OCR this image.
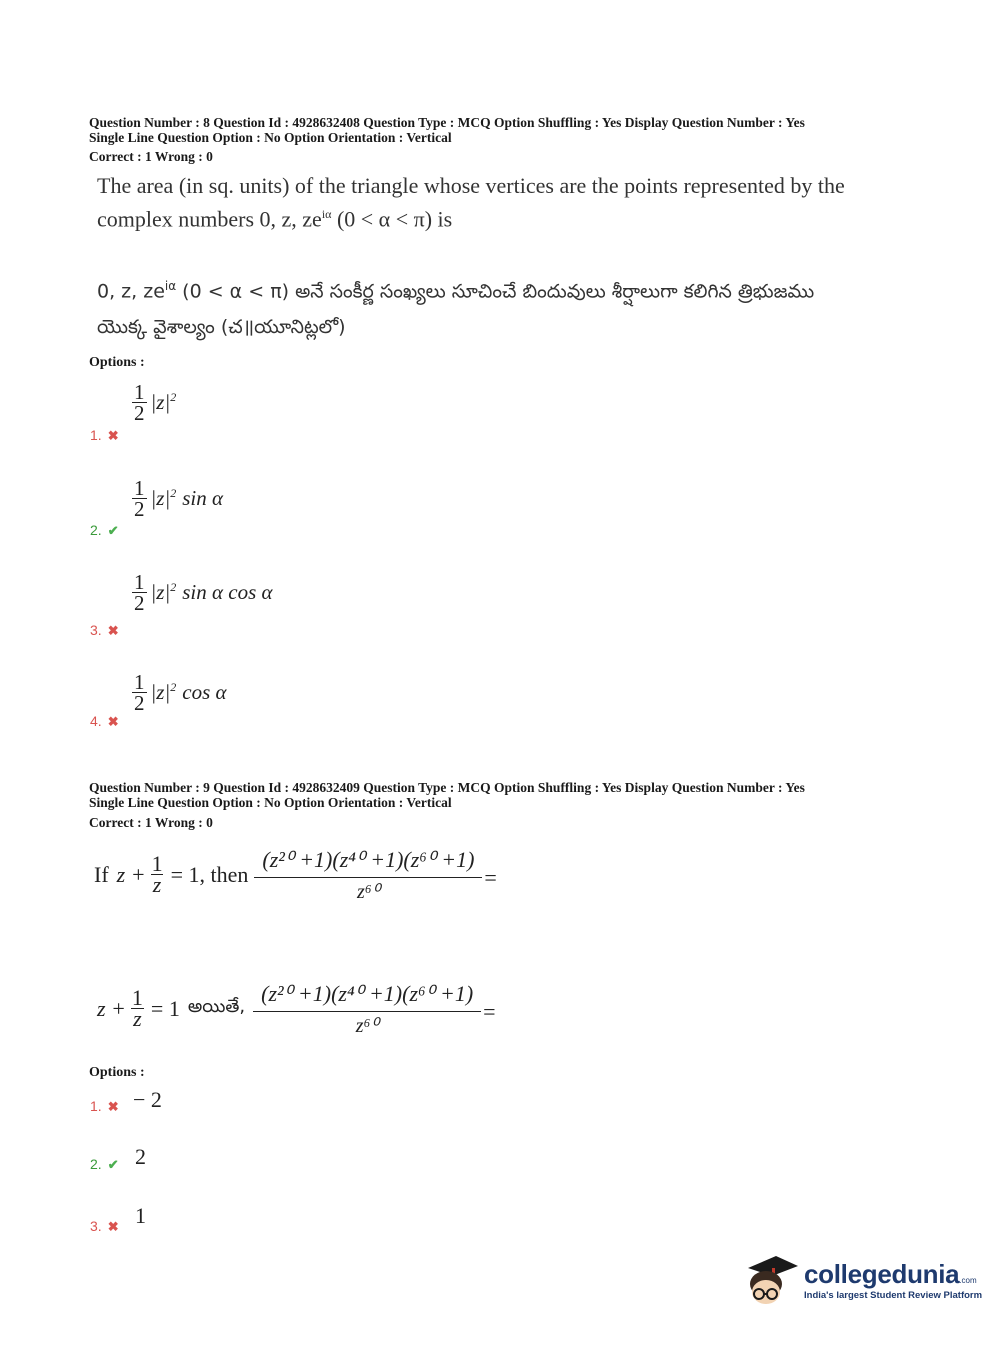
Question Number : 8 Question Id : 4928632408 Question Type : MCQ Option Shuffling : Yes Display Question Number : Yes
Single Line Question Option : No Option Orientation : Vertical
Correct : 1 Wrong : 0
The area (in sq. units) of the triangle whose vertices are the points represented by the
complex numbers 0, z, $ze^{i\alpha}$ (0 < α < π) is
0, z, $ze^{i\alpha}$ (0 < α < π) అనే సంకీర్ణ సంఖ్యలు సూచించే బిందువులు శీర్షాలుగా కలిగిన త్రిభుజము
యొక్క వైశాల్యం (చ॥యూనిట్లలో)
Options :
1. ✖
$\frac{1}{2} |z|^2$
2. ✔
$\frac{1}{2} |z|^2$ sin α
3. ✖
$\frac{1}{2} |z|^2$ sin α cos α
4. ✖
$\frac{1}{2} |z|^2$ cos α
Question Number : 9 Question Id : 4928632409 Question Type : MCQ Option Shuffling : Yes Display Question Number : Yes
Single Line Question Option : No Option Orientation : Vertical
Correct : 1 Wrong : 0
If $z + \frac{1}{z} = 1$ , then $\frac{\text{(z²⁰ +1)(z⁴⁰ +1)(z⁶⁰ +1)}}{\text{z⁶⁰}}$ =
$z + \frac{1}{z} = 1$ అయితే, $\frac{\text{(z²⁰ +1)(z⁴⁰ +1)(z⁶⁰ +1)}}{\text{z⁶⁰}}$ =
Options :
1. ✖ − 2
2. ✔ 2
3. ✖ 1
collegedunia.com
India's largest Student Review Platform
